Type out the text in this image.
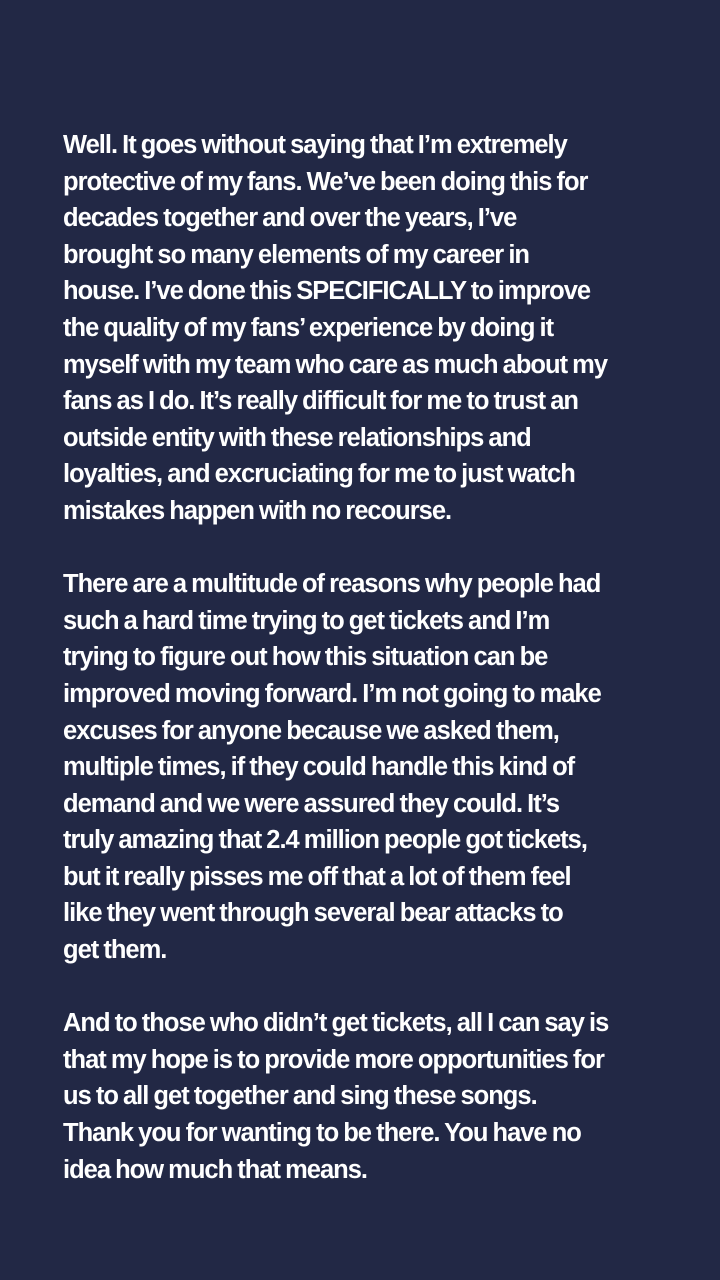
Well. It goes without saying that I’m extremely
protective of my fans. We’ve been doing this for
decades together and over the years, I’ve
brought so many elements of my career in
house. I’ve done this SPECIFICALLY to improve
the quality of my fans’ experience by doing it
myself with my team who care as much about my
fans as I do. It’s really difficult for me to trust an
outside entity with these relationships and
loyalties, and excruciating for me to just watch
mistakes happen with no recourse.

There are a multitude of reasons why people had
such a hard time trying to get tickets and I’m
trying to figure out how this situation can be
improved moving forward. I’m not going to make
excuses for anyone because we asked them,
multiple times, if they could handle this kind of
demand and we were assured they could. It’s
truly amazing that 2.4 million people got tickets,
but it really pisses me off that a lot of them feel
like they went through several bear attacks to
get them.

And to those who didn’t get tickets, all I can say is
that my hope is to provide more opportunities for
us to all get together and sing these songs.
Thank you for wanting to be there. You have no
idea how much that means.
